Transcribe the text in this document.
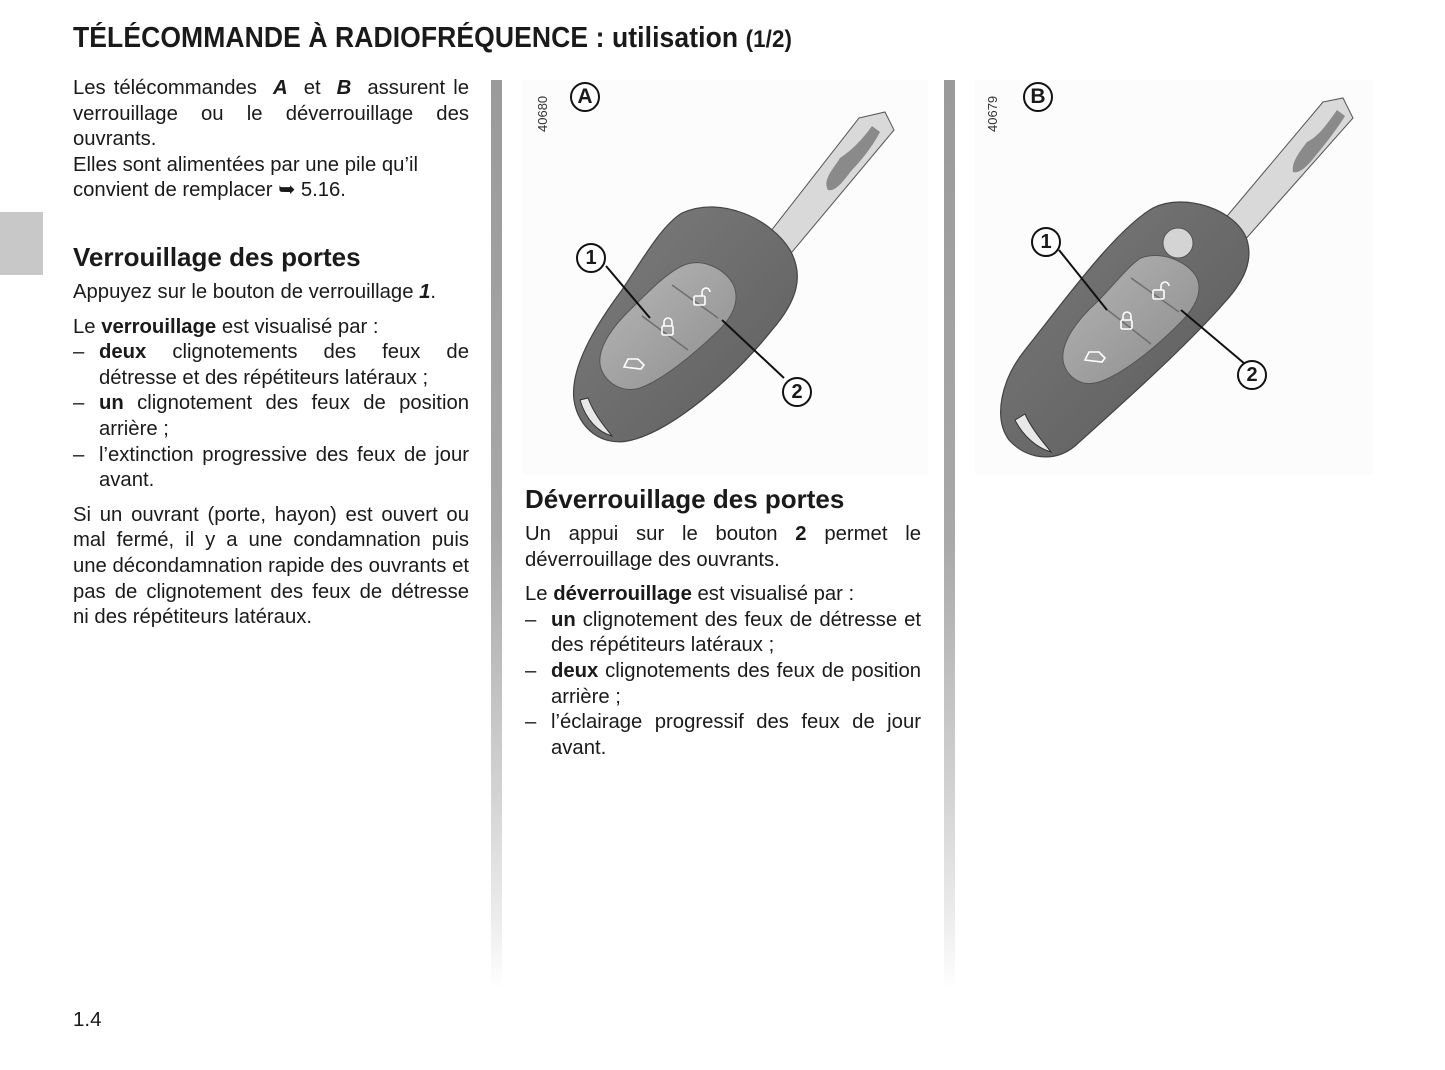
TÉLÉCOMMANDE À RADIOFRÉQUENCE : utilisation (1/2)

Les télécommandes A et B assurent le verrouillage ou le déverrouillage des ouvrants.

Elles sont alimentées par une pile qu’il convient de remplacer ➥ 5.16.

Verrouillage des portes

Appuyez sur le bouton de verrouillage 1.

Le verrouillage est visualisé par :

– deux clignotements des feux de détresse et des répétiteurs latéraux ;
– un clignotement des feux de position arrière ;
– l’extinction progressive des feux de jour avant.

Si un ouvrant (porte, hayon) est ouvert ou mal fermé, il y a une condamnation puis une décondamnation rapide des ouvrants et pas de clignotement des feux de détresse ni des répétiteurs latéraux.

40680	A
1
2
40679	B
1
2
Déverrouillage des portes

Un appui sur le bouton 2 permet le déverrouillage des ouvrants.

Le déverrouillage est visualisé par :

– un clignotement des feux de détresse et des répétiteurs latéraux ;
– deux clignotements des feux de position arrière ;
– l’éclairage progressif des feux de jour avant.
1.4
